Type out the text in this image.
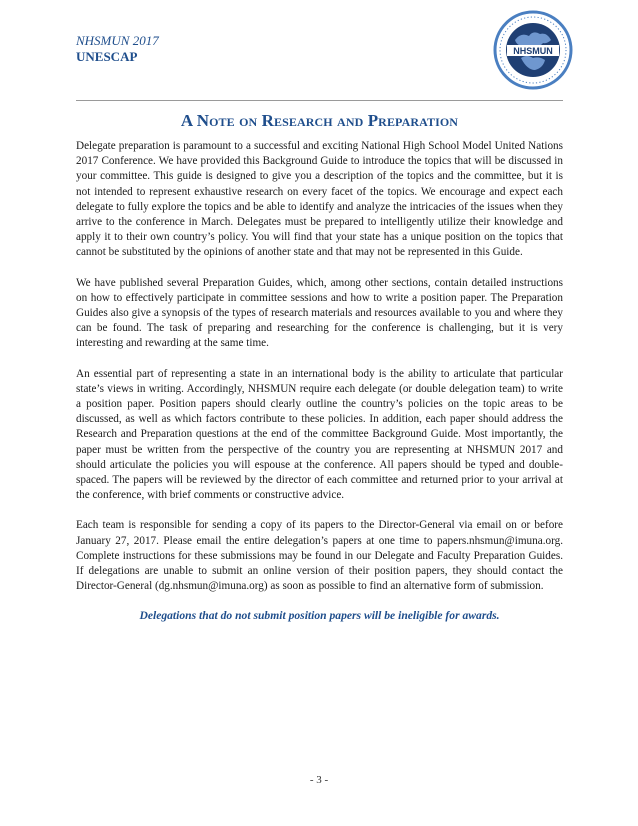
NHSMUN 2017
UNESCAP	NHSMUN
A Note on Research and Preparation

Delegate preparation is paramount to a successful and exciting National High School Model United Nations 2017 Conference. We have provided this Background Guide to introduce the topics that will be discussed in your committee. This guide is designed to give you a description of the topics and the committee, but it is not intended to represent exhaustive research on every facet of the topics. We encourage and expect each delegate to fully explore the topics and be able to identify and analyze the intricacies of the issues when they arrive to the conference in March. Delegates must be prepared to intelligently utilize their knowledge and apply it to their own country’s policy. You will find that your state has a unique position on the topics that cannot be substituted by the opinions of another state and that may not be represented in this Guide.

We have published several Preparation Guides, which, among other sections, contain detailed instructions on how to effectively participate in committee sessions and how to write a position paper. The Preparation Guides also give a synopsis of the types of research materials and resources available to you and where they can be found. The task of preparing and researching for the conference is challenging, but it is very interesting and rewarding at the same time.

An essential part of representing a state in an international body is the ability to articulate that particular state’s views in writing. Accordingly, NHSMUN require each delegate (or double delegation team) to write a position paper. Position papers should clearly outline the country’s policies on the topic areas to be discussed, as well as which factors contribute to these policies. In addition, each paper should address the Research and Preparation questions at the end of the committee Background Guide. Most importantly, the paper must be written from the perspective of the country you are representing at NHSMUN 2017 and should articulate the policies you will espouse at the conference. All papers should be typed and double-spaced. The papers will be reviewed by the director of each committee and returned prior to your arrival at the conference, with brief comments or constructive advice.

Each team is responsible for sending a copy of its papers to the Director-General via email on or before January 27, 2017. Please email the entire delegation’s papers at one time to papers.nhsmun@imuna.org. Complete instructions for these submissions may be found in our Delegate and Faculty Preparation Guides. If delegations are unable to submit an online version of their position papers, they should contact the Director-General (dg.nhsmun@imuna.org) as soon as possible to find an alternative form of submission.

Delegations that do not submit position papers will be ineligible for awards.

- 3 -
